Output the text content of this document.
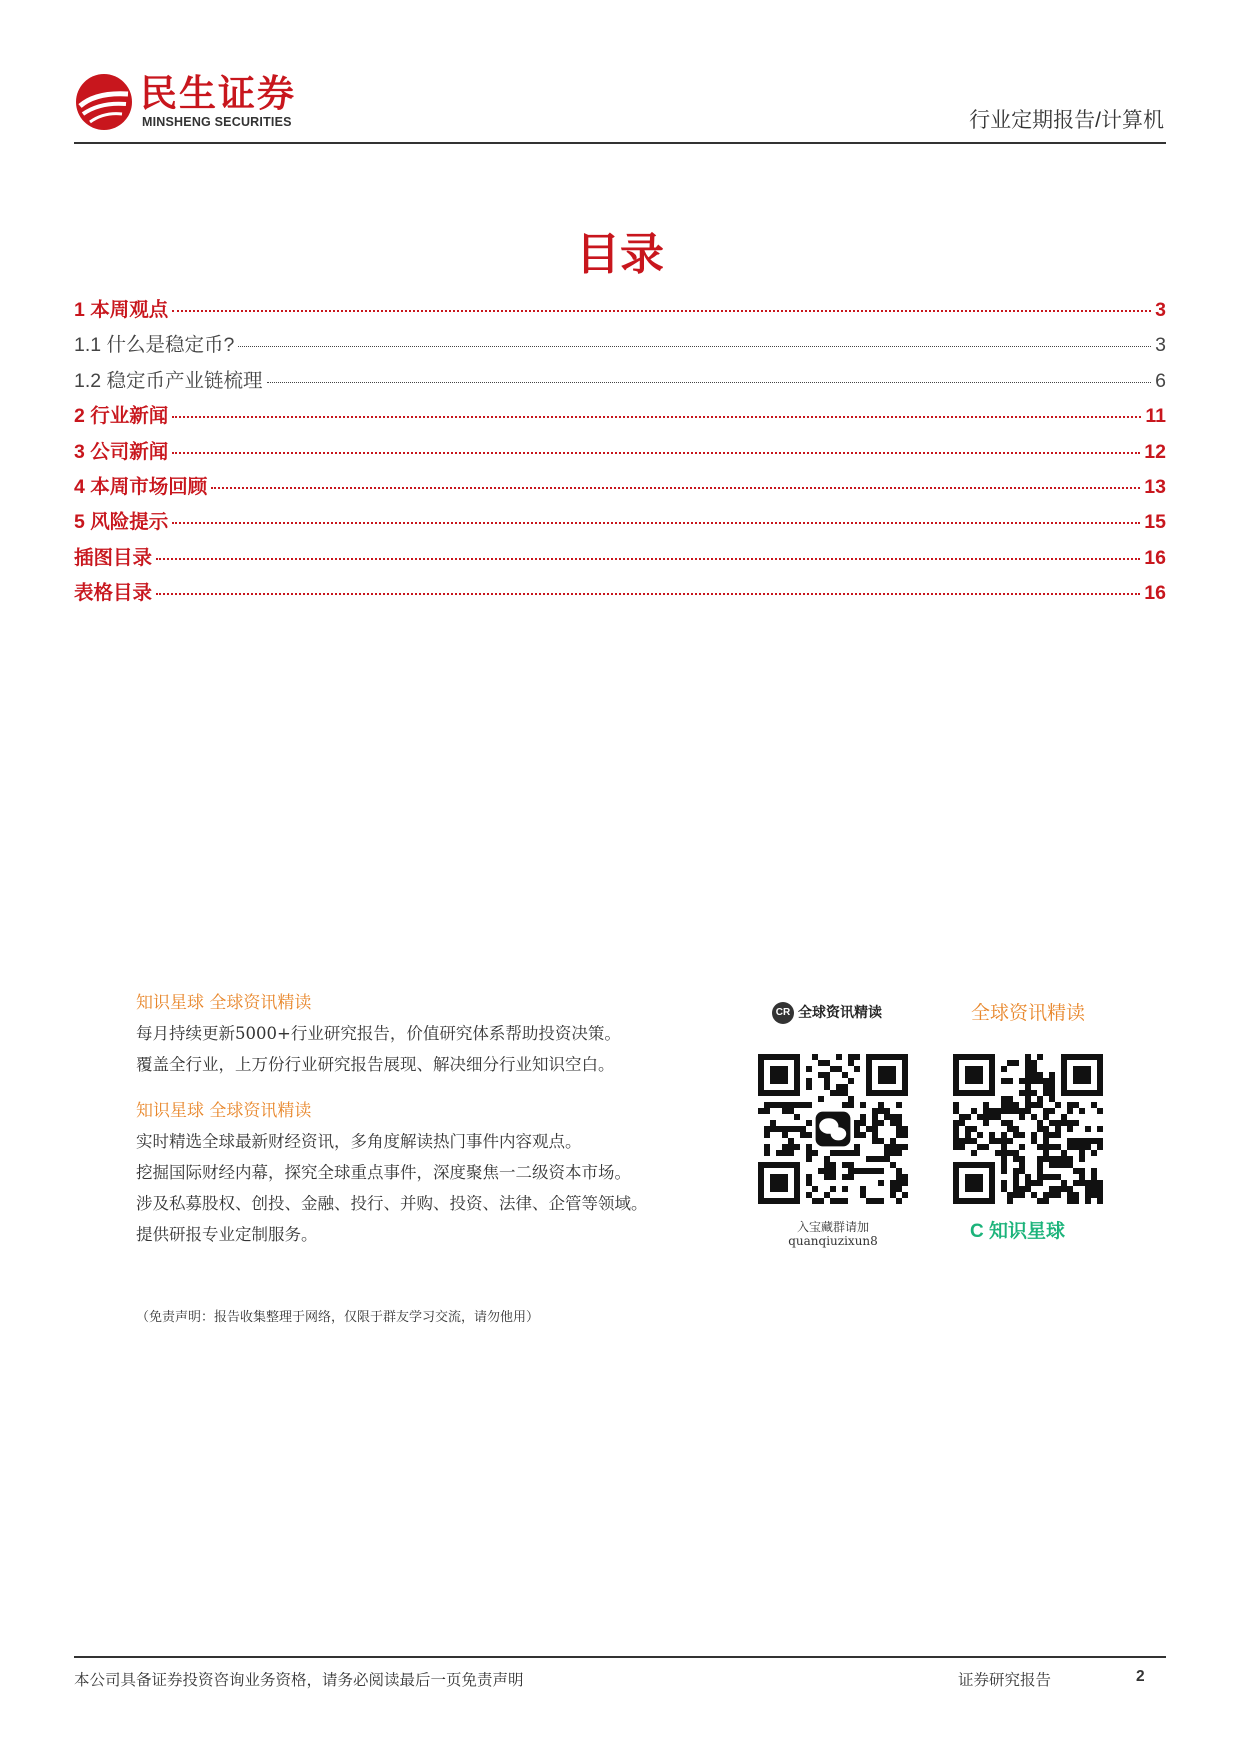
民生证券
MINSHENG SECURITIES	行业定期报告/计算机
目录
1 本周观点	3
1.1 什么是稳定币?	3
1.2 稳定币产业链梳理	6
2 行业新闻	11
3 公司新闻	12
4 本周市场回顾	13
5 风险提示	15
插图目录	16
表格目录	16
知识星球 全球资讯精读
每月持续更新5000+行业研究报告，价值研究体系帮助投资决策。
覆盖全行业，上万份行业研究报告展现、解决细分行业知识空白。
知识星球 全球资讯精读
实时精选全球最新财经资讯，多角度解读热门事件内容观点。
挖掘国际财经内幕，探究全球重点事件，深度聚焦一二级资本市场。
涉及私募股权、创投、金融、投行、并购、投资、法律、企管等领域。
提供研报专业定制服务。
CR 全球资讯精读
入宝藏群请加
quanqiuzixun8
全球资讯精读
C 知识星球
（免责声明：报告收集整理于网络，仅限于群友学习交流，请勿他用）
本公司具备证券投资咨询业务资格，请务必阅读最后一页免责声明	证券研究报告	2
